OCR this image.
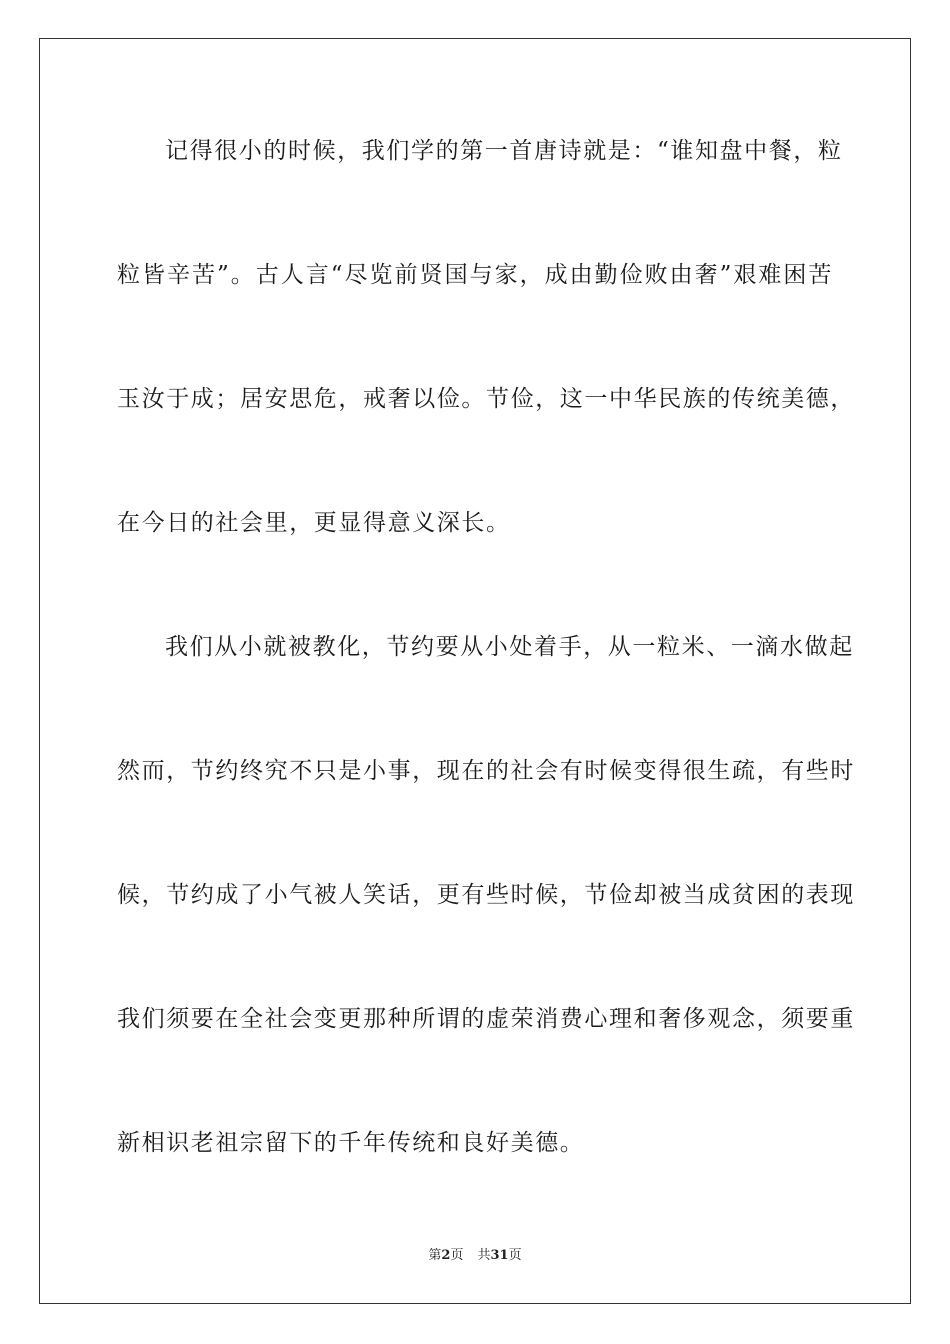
记得很小的时候，我们学的第一首唐诗就是：“谁知盘中餐，粒
粒皆辛苦”。古人言“尽览前贤国与家，成由勤俭败由奢”艰难困苦
玉汝于成；居安思危，戒奢以俭。节俭，这一中华民族的传统美德，
在今日的社会里，更显得意义深长。
我们从小就被教化，节约要从小处着手，从一粒米、一滴水做起
然而，节约终究不只是小事，现在的社会有时候变得很生疏，有些时
候，节约成了小气被人笑话，更有些时候，节俭却被当成贫困的表现
我们须要在全社会变更那种所谓的虚荣消费心理和奢侈观念，须要重
新相识老祖宗留下的千年传统和良好美德。
第2页 共31页
